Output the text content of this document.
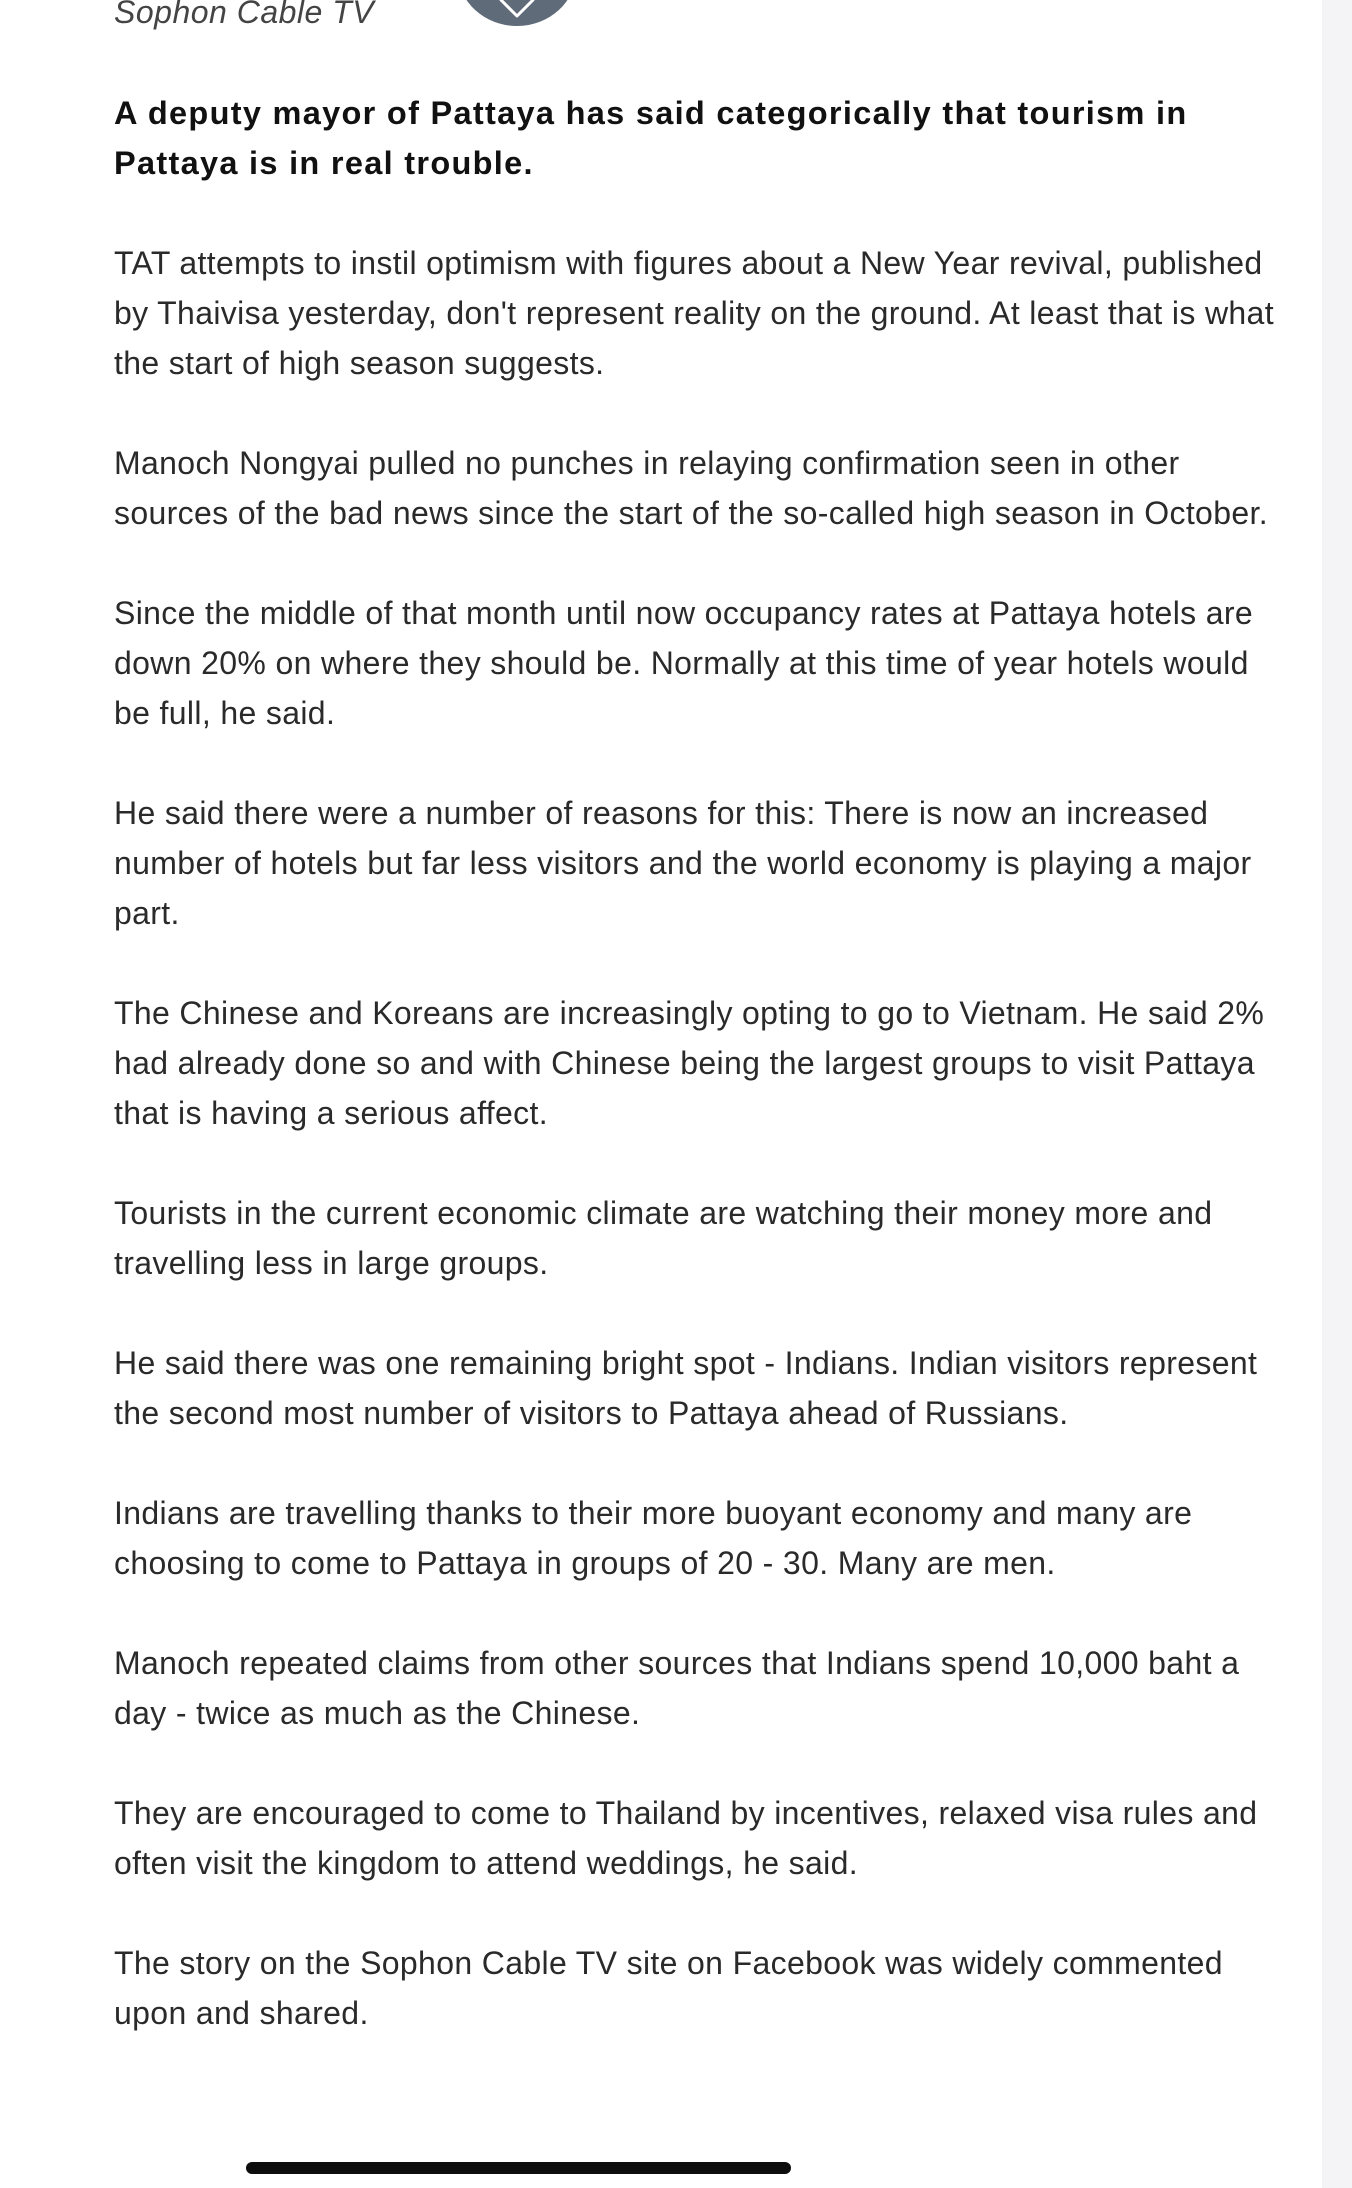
Sophon Cable TV

A deputy mayor of Pattaya has said categorically that tourism in Pattaya is in real trouble.

TAT attempts to instil optimism with figures about a New Year revival, published by Thaivisa yesterday, don't represent reality on the ground. At least that is what the start of high season suggests.

Manoch Nongyai pulled no punches in relaying confirmation seen in other sources of the bad news since the start of the so-called high season in October.

Since the middle of that month until now occupancy rates at Pattaya hotels are down 20% on where they should be. Normally at this time of year hotels would be full, he said.

He said there were a number of reasons for this: There is now an increased number of hotels but far less visitors and the world economy is playing a major part.

The Chinese and Koreans are increasingly opting to go to Vietnam. He said 2% had already done so and with Chinese being the largest groups to visit Pattaya that is having a serious affect.

Tourists in the current economic climate are watching their money more and travelling less in large groups.

He said there was one remaining bright spot - Indians. Indian visitors represent the second most number of visitors to Pattaya ahead of Russians.

Indians are travelling thanks to their more buoyant economy and many are choosing to come to Pattaya in groups of 20 - 30. Many are men.

Manoch repeated claims from other sources that Indians spend 10,000 baht a day - twice as much as the Chinese.

They are encouraged to come to Thailand by incentives, relaxed visa rules and often visit the kingdom to attend weddings, he said.

The story on the Sophon Cable TV site on Facebook was widely commented upon and shared.
